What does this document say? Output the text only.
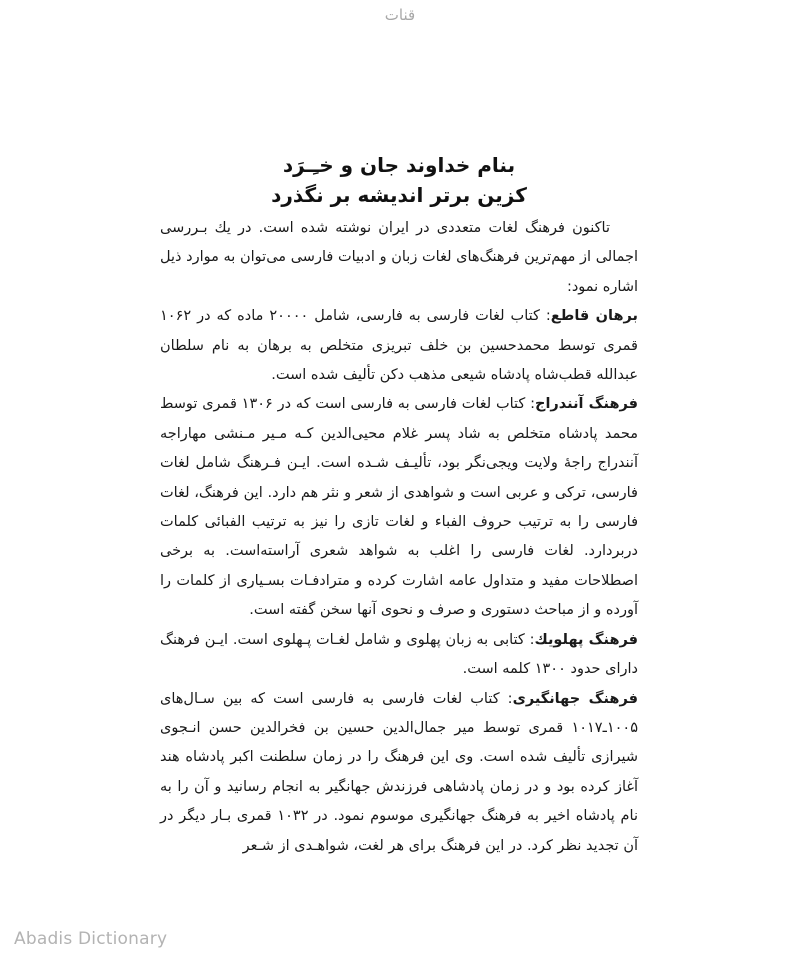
قنات
بنام خداوند جان و خـِـرَد
کزین برتر اندیشه بر نگذرد

تاکنون فرهنگ لغات متعددی در ایران نوشته شده است. در یك بـررسی اجمالی از مهم‌ترین فرهنگ‌های لغات زبان و ادبیات فارسی می‌توان به موارد ذیل اشاره نمود:

برهان قاطع: کتاب لغات فارسی به فارسی، شامل ۲۰۰۰۰ ماده که در ۱۰۶۲ قمری توسط محمدحسین بن خلف تبریزی متخلص به برهان به نام سلطان عبدالله قطب‌شاه پادشاه شیعی مذهب دکن تألیف شده است.

فرهنگ آنندراج: کتاب لغات فارسی به فارسی است که در ۱۳۰۶ قمری توسط محمد پادشاه متخلص به شاد پسر غلام محیی‌الدین کـه مـیر مـنشی مهاراجه آنندراج راجهٔ ولایت ویجی‌نگر بود، تألیـف شـده است. ایـن فـرهنگ شامل لغات فارسی، ترکی و عربی است و شواهدی از شعر و نثر هم دارد. این فرهنگ، لغات فارسی را به ترتیب حروف الفباء و لغات تازی را نیز به ترتیب الفبائی کلمات دربردارد. لغات فارسی را اغلب به شواهد شعری آراسته‌است. به برخی اصطلاحات مفید و متداول عامه اشارت کرده و مترادفـات بسـیاری از کلمات را آورده و از مباحث دستوری و صرف و نحوی آنها سخن گفته است.

فرهنگ پهلویك: کتابی به زبان پهلوی و شامل لغـات پـهلوی است. ایـن فرهنگ دارای حدود ۱۳۰۰ کلمه است.

فرهنگ جهانگیری: کتاب لغات فارسی به فارسی است که بین سـال‌های ۱۰۰۵ـ۱۰۱۷ قمری توسط میر جمال‌الدین حسین بن فخرالدین حسن انـجوی شیرازی تألیف شده است. وی این فرهنگ را در زمان سلطنت اکبر پادشاه هند آغاز کرده بود و در زمان پادشاهی فرزندش جهانگیر به انجام رسانید و آن را به نام پادشاه اخیر به فرهنگ جهانگیری موسوم نمود. در ۱۰۳۲ قمری بـار دیگر در آن تجدید نظر کرد. در این فرهنگ برای هر لغت، شواهـدی از شـعر

Abadis Dictionary
